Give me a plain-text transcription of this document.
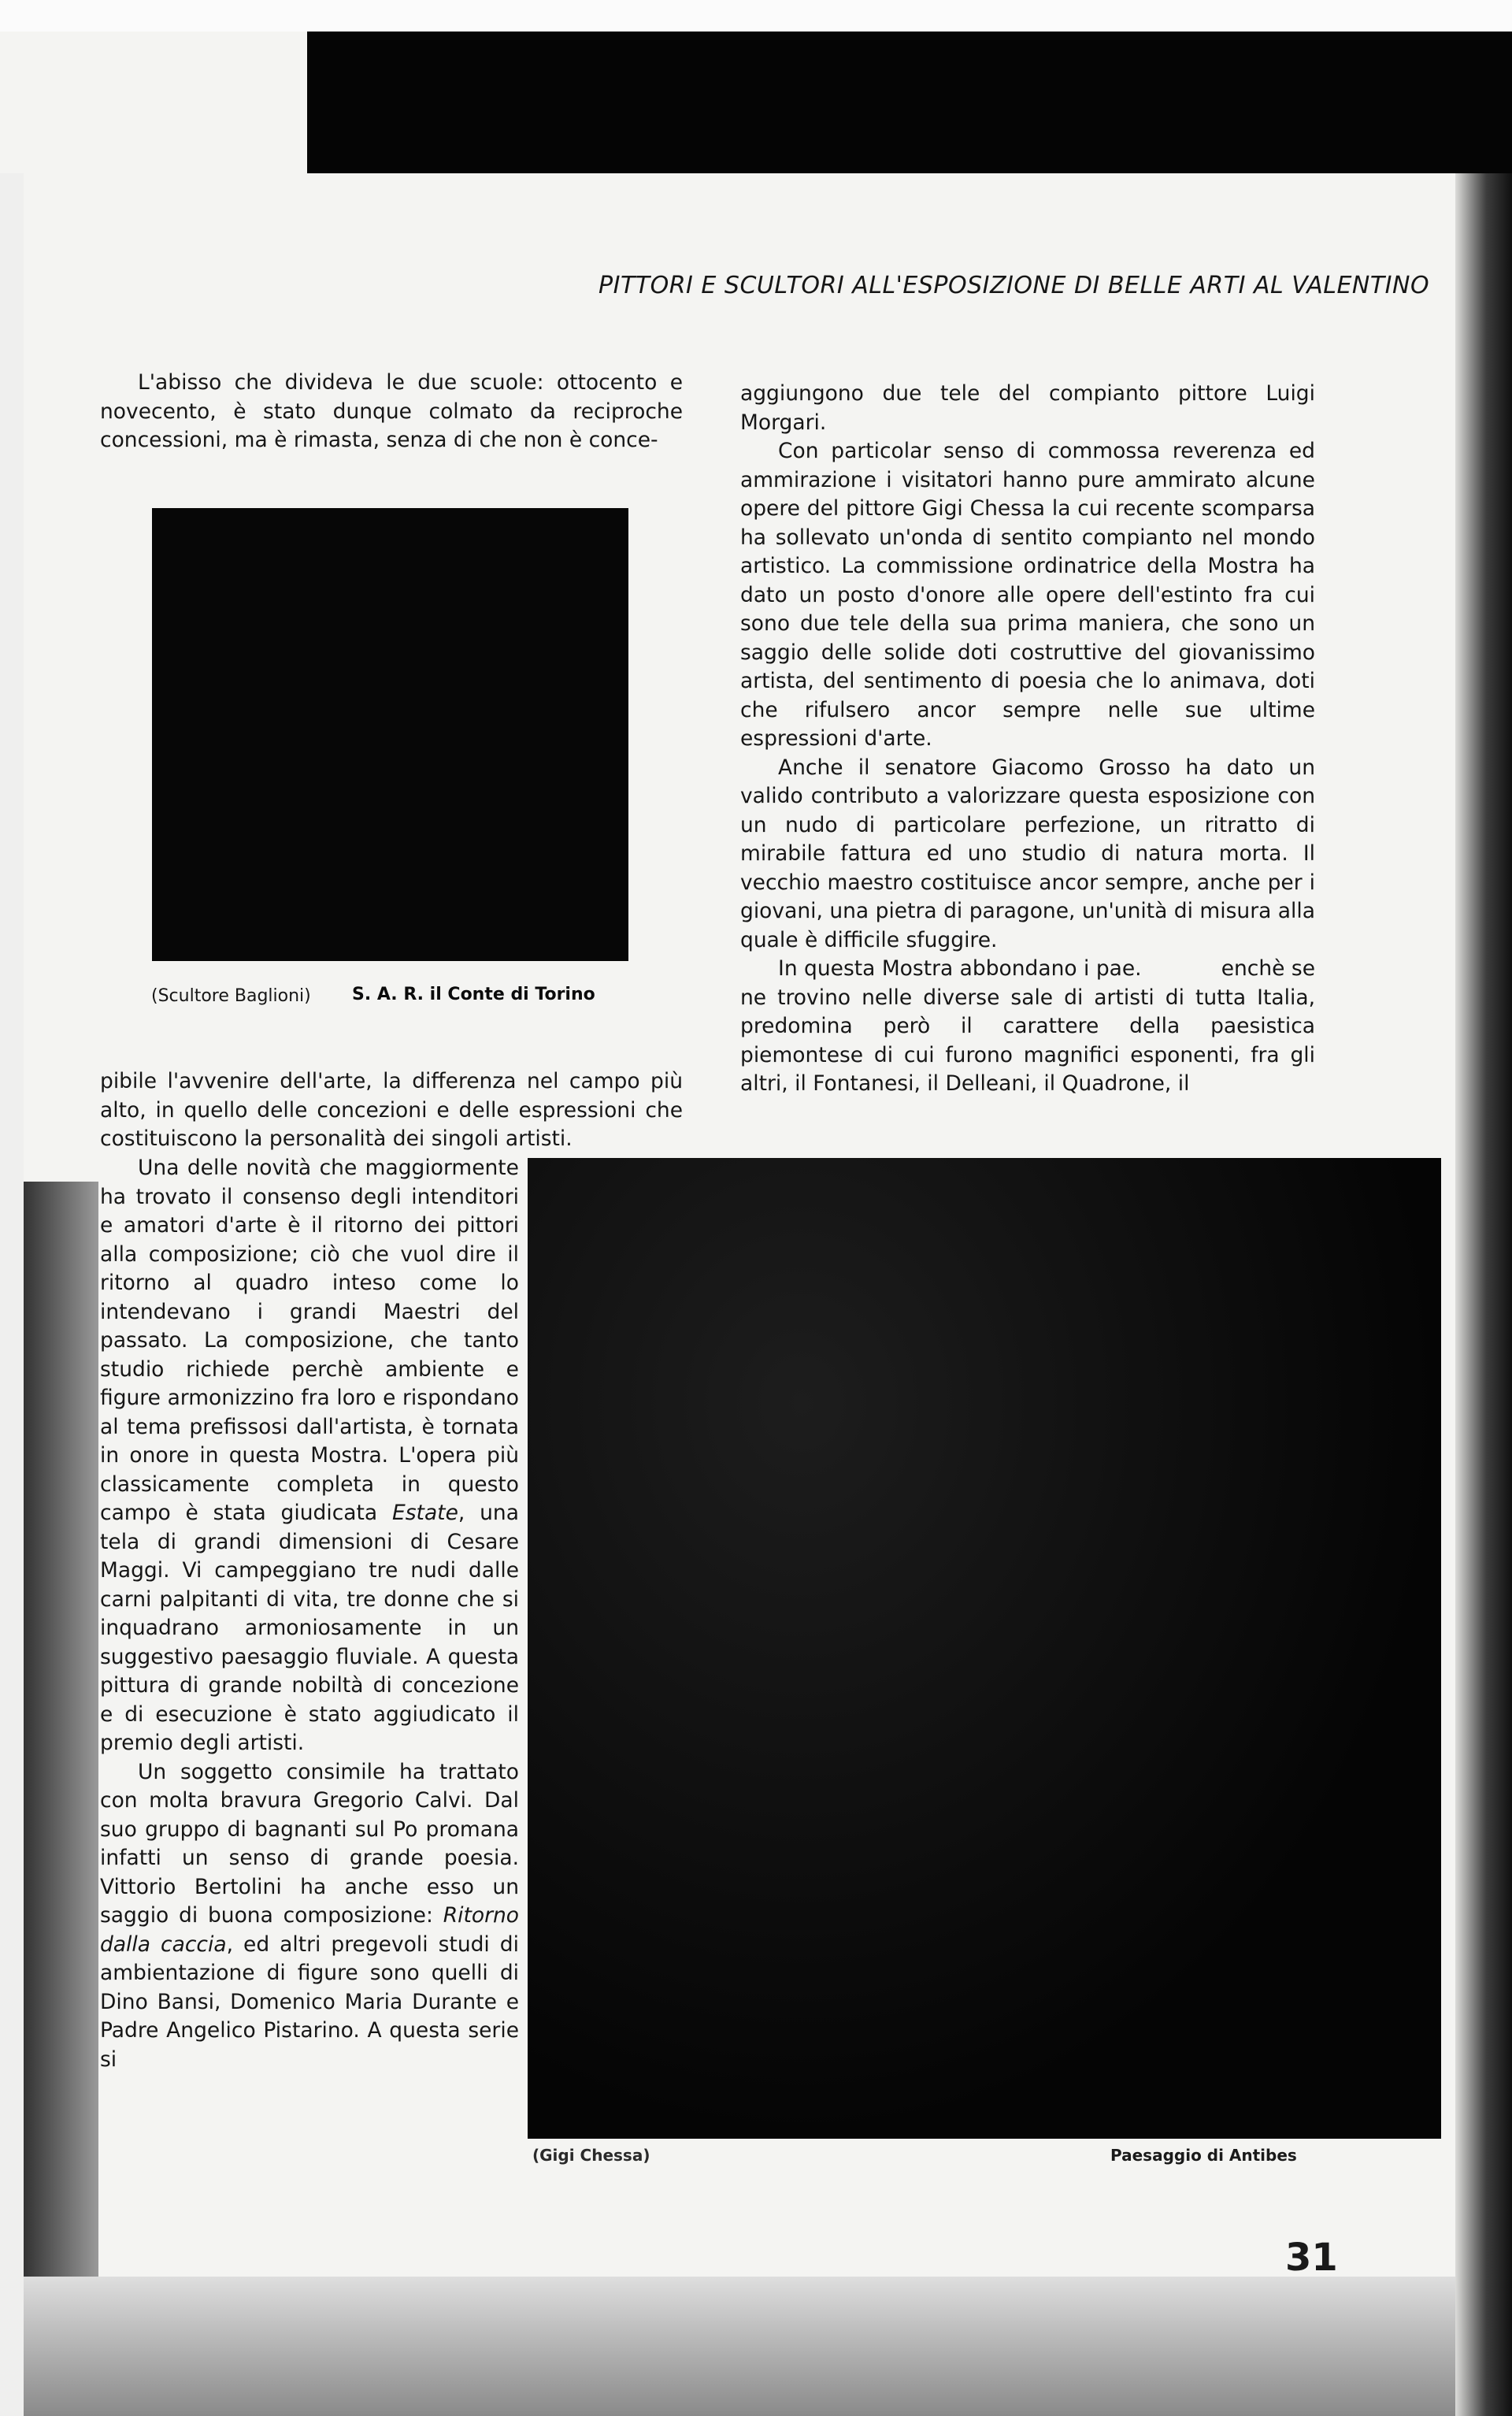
PITTORI E SCULTORI ALL'ESPOSIZIONE DI BELLE ARTI AL VALENTINO

L'abisso che divideva le due scuole: ottocento e novecento, è stato dunque colmato da reciproche concessioni, ma è rimasta, senza di che non è conce-

(Scultore Baglioni) S. A. R. il Conte di Torino

pibile l'avvenire dell'arte, la differenza nel campo più alto, in quello delle concezioni e delle espressioni che costituiscono la personalità dei singoli artisti.

Una delle novità che maggiormente ha trovato il consenso degli intenditori e amatori d'arte è il ritorno dei pittori alla composizione; ciò che vuol dire il ritorno al quadro inteso come lo intendevano i grandi Maestri del passato. La composizione, che tanto studio richiede perchè ambiente e figure armonizzino fra loro e rispondano al tema prefissosi dall'artista, è tornata in onore in questa Mostra. L'opera più classicamente completa in questo campo è stata giudicata Estate, una tela di grandi dimensioni di Cesare Maggi. Vi campeggiano tre nudi dalle carni palpitanti di vita, tre donne che si inquadrano armoniosamente in un suggestivo paesaggio fluviale. A questa pittura di grande nobiltà di concezione e di esecuzione è stato aggiudicato il premio degli artisti.

Un soggetto consimile ha trattato con molta bravura Gregorio Calvi. Dal suo gruppo di bagnanti sul Po promana infatti un senso di grande poesia. Vittorio Bertolini ha anche esso un saggio di buona composizione: Ritorno dalla caccia, ed altri pregevoli studi di ambientazione di figure sono quelli di Dino Bansi, Domenico Maria Durante e Padre Angelico Pistarino. A questa serie si

aggiungono due tele del compianto pittore Luigi Morgari.

Con particolar senso di commossa reverenza ed ammirazione i visitatori hanno pure ammirato alcune opere del pittore Gigi Chessa la cui recente scomparsa ha sollevato un'onda di sentito compianto nel mondo artistico. La commissione ordinatrice della Mostra ha dato un posto d'onore alle opere dell'estinto fra cui sono due tele della sua prima maniera, che sono un saggio delle solide doti costruttive del giovanissimo artista, del sentimento di poesia che lo animava, doti che rifulsero ancor sempre nelle sue ultime espressioni d'arte.

Anche il senatore Giacomo Grosso ha dato un valido contributo a valorizzare questa esposizione con un nudo di particolare perfezione, un ritratto di mirabile fattura ed uno studio di natura morta. Il vecchio maestro costituisce ancor sempre, anche per i giovani, una pietra di paragone, un'unità di misura alla quale è difficile sfuggire.

In questa Mostra abbondano i pae.	enchè se ne trovino nelle diverse sale di artisti di tutta Italia, predomina però il carattere della paesistica piemontese di cui furono magnifici esponenti, fra gli altri, il Fontanesi, il Delleani, il Quadrone, il

(Gigi Chessa)	Paesaggio di Antibes
31
